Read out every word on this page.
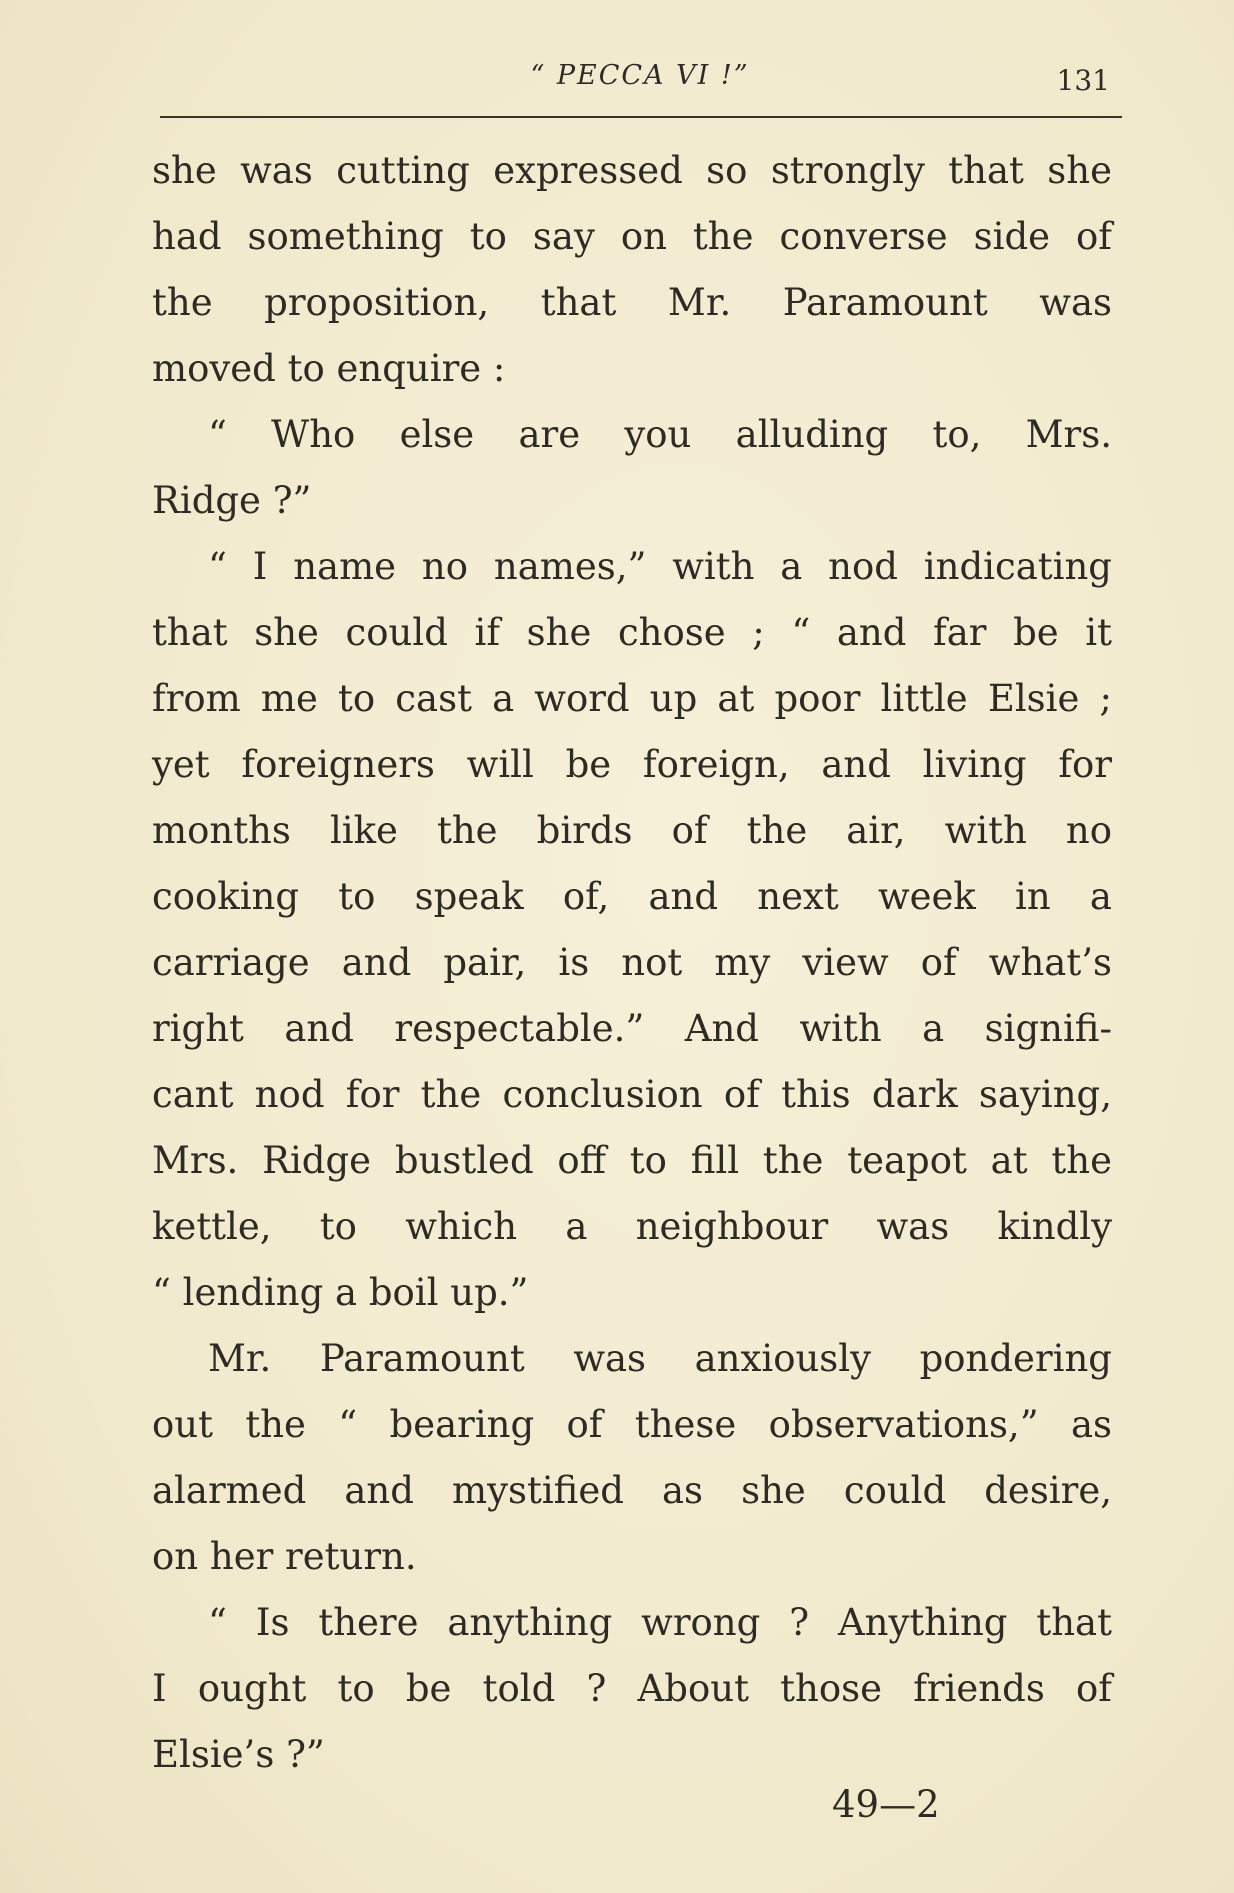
“ PECCA VI !”	131
she was cutting expressed so strongly that she
had something to say on the converse side of
the proposition, that Mr. Paramount was
moved to enquire :
“ Who else are you alluding to, Mrs.
Ridge ?”
“ I name no names,” with a nod indicating
that she could if she chose ; “ and far be it
from me to cast a word up at poor little Elsie ;
yet foreigners will be foreign, and living for
months like the birds of the air, with no
cooking to speak of, and next week in a
carriage and pair, is not my view of what’s
right and respectable.” And with a signifi-
cant nod for the conclusion of this dark saying,
Mrs. Ridge bustled off to fill the teapot at the
kettle, to which a neighbour was kindly
“ lending a boil up.”
Mr. Paramount was anxiously pondering
out the “ bearing of these observations,” as
alarmed and mystified as she could desire,
on her return.
“ Is there anything wrong ? Anything that
I ought to be told ? About those friends of
Elsie’s ?”
49—2
